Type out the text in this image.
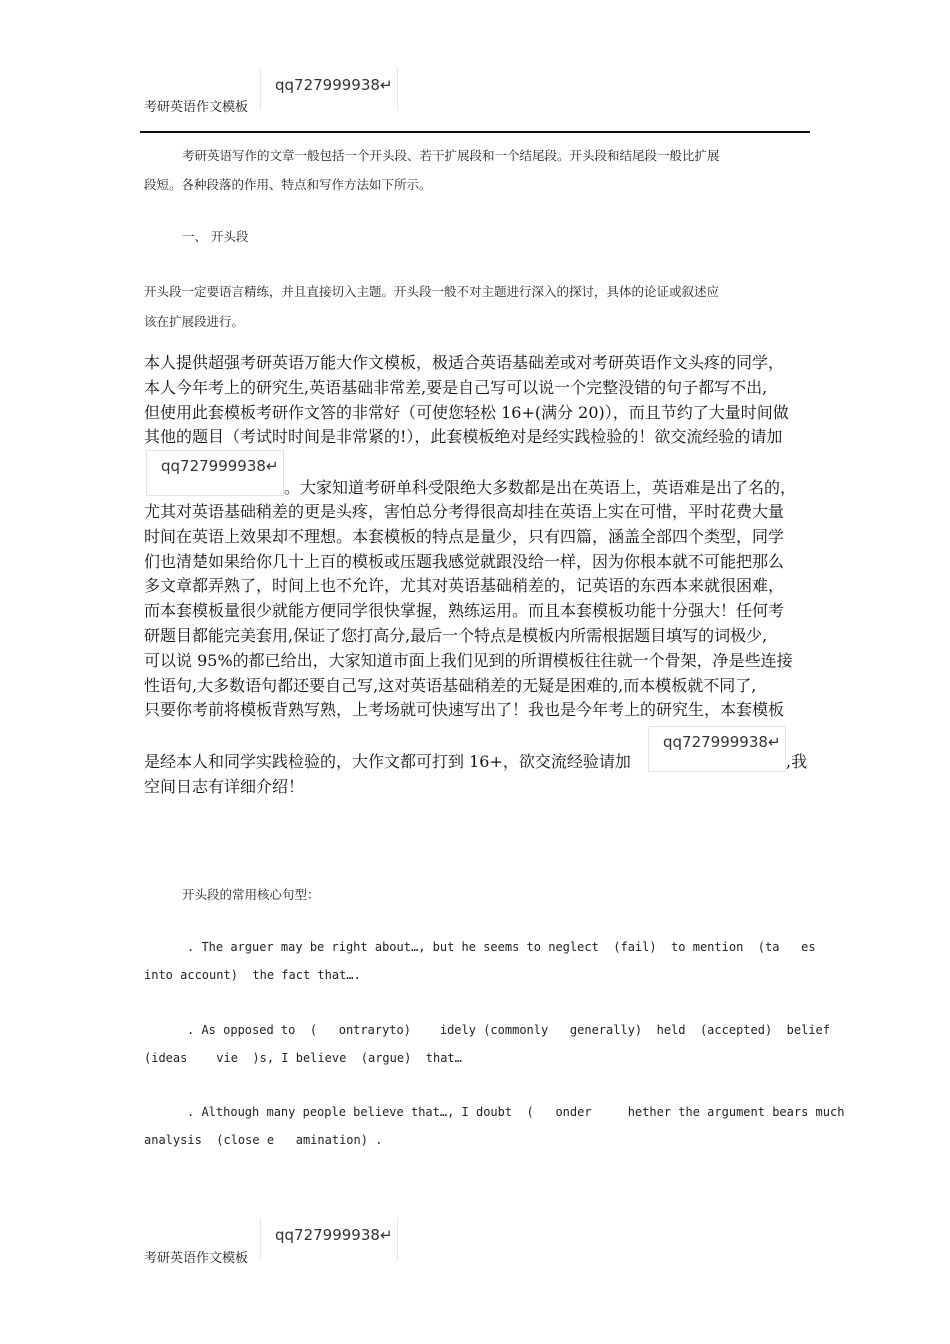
考研英语作文模板
qq727999938↵
考研英语写作的文章一般包括一个开头段、若干扩展段和一个结尾段。开头段和结尾段一般比扩展
段短。各种段落的作用、特点和写作方法如下所示。
一、 开头段
开头段一定要语言精练，并且直接切入主题。开头段一般不对主题进行深入的探讨，具体的论证或叙述应
该在扩展段进行。
本人提供超强考研英语万能大作文模板，极适合英语基础差或对考研英语作文头疼的同学，
本人今年考上的研究生,英语基础非常差,要是自己写可以说一个完整没错的句子都写不出,
但使用此套模板考研作文答的非常好（可使您轻松 16+(满分 20)），而且节约了大量时间做
其他的题目（考试时时间是非常紧的!），此套模板绝对是经实践检验的！欲交流经验的请加
qq727999938↵
。大家知道考研单科受限绝大多数都是出在英语上，英语难是出了名的，
尤其对英语基础稍差的更是头疼，害怕总分考得很高却挂在英语上实在可惜，平时花费大量
时间在英语上效果却不理想。本套模板的特点是量少，只有四篇，涵盖全部四个类型，同学
们也清楚如果给你几十上百的模板或压题我感觉就跟没给一样，因为你根本就不可能把那么
多文章都弄熟了，时间上也不允许，尤其对英语基础稍差的，记英语的东西本来就很困难，
而本套模板量很少就能方便同学很快掌握，熟练运用。而且本套模板功能十分强大！任何考
研题目都能完美套用,保证了您打高分,最后一个特点是模板内所需根据题目填写的词极少,
可以说 95%的都已给出，大家知道市面上我们见到的所谓模板往往就一个骨架，净是些连接
性语句,大多数语句都还要自己写,这对英语基础稍差的无疑是困难的,而本模板就不同了,
只要你考前将模板背熟写熟，上考场就可快速写出了！我也是今年考上的研究生，本套模板
是经本人和同学实践检验的，大作文都可打到 16+，欲交流经验请加
qq727999938↵
,我
空间日志有详细介绍！
开头段的常用核心句型：
. The arguer may be right about…, but he seems to neglect  (fail)  to mention  (ta   es
into account)  the fact that….
. As opposed to  (   ontraryto)    idely (commonly   generally)  held  (accepted)  belief
(ideas    vie  )s, I believe  (argue)  that…
. Although many people believe that…, I doubt  (   onder     hether the argument bears much
analysis  (close e   amination) .
考研英语作文模板
qq727999938↵
